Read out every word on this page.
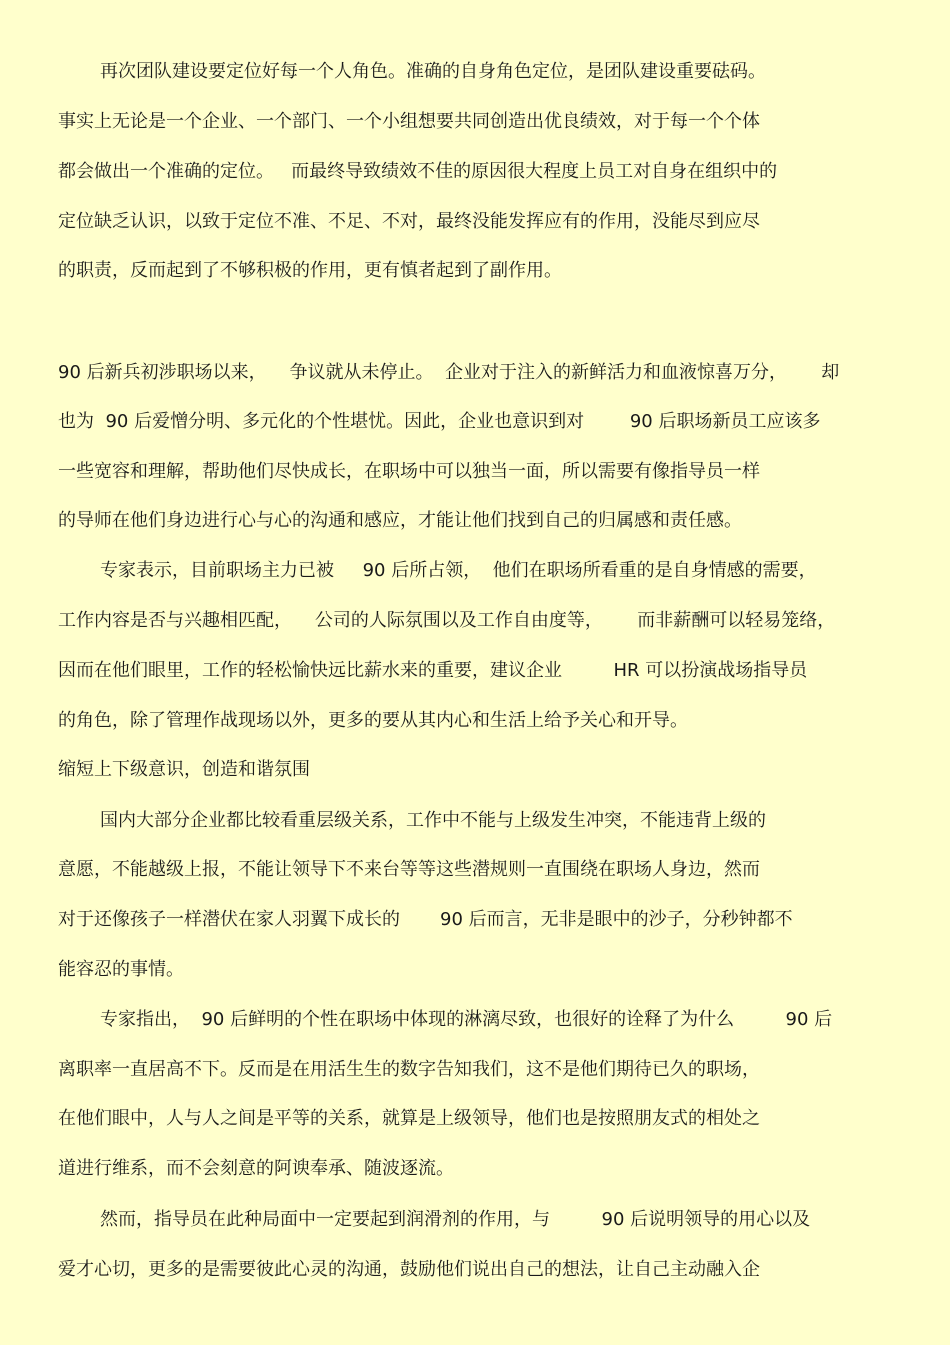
再次团队建设要定位好每一个人角色。准确的自身角色定位，是团队建设重要砝码。
事实上无论是一个企业、一个部门、一个小组想要共同创造出优良绩效，对于每一个个体
都会做出一个准确的定位。   而最终导致绩效不佳的原因很大程度上员工对自身在组织中的
定位缺乏认识，以致于定位不准、不足、不对，最终没能发挥应有的作用，没能尽到应尽
的职责，反而起到了不够积极的作用，更有慎者起到了副作用。
90 后新兵初涉职场以来，    争议就从未停止。  企业对于注入的新鲜活力和血液惊喜万分，      却
也为  90 后爱憎分明、多元化的个性堪忧。因此，企业也意识到对        90 后职场新员工应该多
一些宽容和理解，帮助他们尽快成长，在职场中可以独当一面，所以需要有像指导员一样
的导师在他们身边进行心与心的沟通和感应，才能让他们找到自己的归属感和责任感。
专家表示，目前职场主力已被     90 后所占领，  他们在职场所看重的是自身情感的需要，
工作内容是否与兴趣相匹配，    公司的人际氛围以及工作自由度等，      而非薪酬可以轻易笼络，
因而在他们眼里，工作的轻松愉快远比薪水来的重要，建议企业         HR 可以扮演战场指导员
的角色，除了管理作战现场以外，更多的要从其内心和生活上给予关心和开导。
缩短上下级意识，创造和谐氛围
国内大部分企业都比较看重层级关系，工作中不能与上级发生冲突，不能违背上级的
意愿，不能越级上报，不能让领导下不来台等等这些潜规则一直围绕在职场人身边，然而
对于还像孩子一样潜伏在家人羽翼下成长的       90 后而言，无非是眼中的沙子，分秒钟都不
能容忍的事情。
专家指出，  90 后鲜明的个性在职场中体现的淋漓尽致，也很好的诠释了为什么         90 后
离职率一直居高不下。反而是在用活生生的数字告知我们，这不是他们期待已久的职场，
在他们眼中，人与人之间是平等的关系，就算是上级领导，他们也是按照朋友式的相处之
道进行维系，而不会刻意的阿谀奉承、随波逐流。
然而，指导员在此种局面中一定要起到润滑剂的作用，与         90 后说明领导的用心以及
爱才心切，更多的是需要彼此心灵的沟通，鼓励他们说出自己的想法，让自己主动融入企
